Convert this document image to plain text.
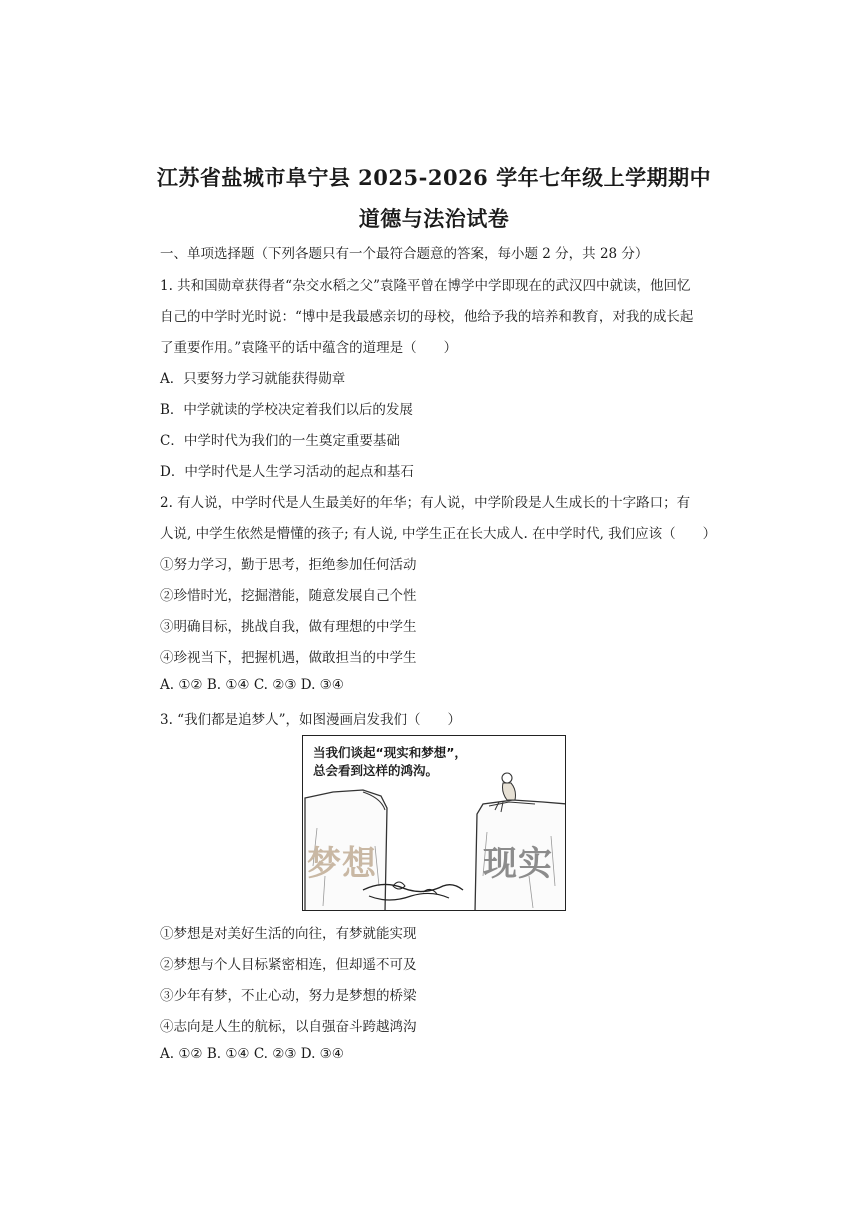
江苏省盐城市阜宁县 2025-2026 学年七年级上学期期中
道德与法治试卷
一、单项选择题（下列各题只有一个最符合题意的答案，每小题 2 分，共 28 分）
1. 共和国勋章获得者“杂交水稻之父”袁隆平曾在博学中学即现在的武汉四中就读，他回忆
自己的中学时光时说：“博中是我最感亲切的母校，他给予我的培养和教育，对我的成长起
了重要作用。”袁隆平的话中蕴含的道理是（　　）
A．只要努力学习就能获得勋章
B．中学就读的学校决定着我们以后的发展
C．中学时代为我们的一生奠定重要基础
D．中学时代是人生学习活动的起点和基石
2. 有人说，中学时代是人生最美好的年华；有人说，中学阶段是人生成长的十字路口；有
人说, 中学生依然是懵懂的孩子; 有人说, 中学生正在长大成人. 在中学时代, 我们应该（　　）
①努力学习，勤于思考，拒绝参加任何活动
②珍惜时光，挖掘潜能，随意发展自己个性
③明确目标，挑战自我，做有理想的中学生
④珍视当下，把握机遇，做敢担当的中学生
A. ①② B. ①④ C. ②③ D. ③④
3. “我们都是追梦人”，如图漫画启发我们（　　）
当我们谈起“现实和梦想”，
总会看到这样的鸿沟。
梦想	现实
①梦想是对美好生活的向往，有梦就能实现
②梦想与个人目标紧密相连，但却遥不可及
③少年有梦，不止心动，努力是梦想的桥梁
④志向是人生的航标，以自强奋斗跨越鸿沟
A. ①② B. ①④ C. ②③ D. ③④
